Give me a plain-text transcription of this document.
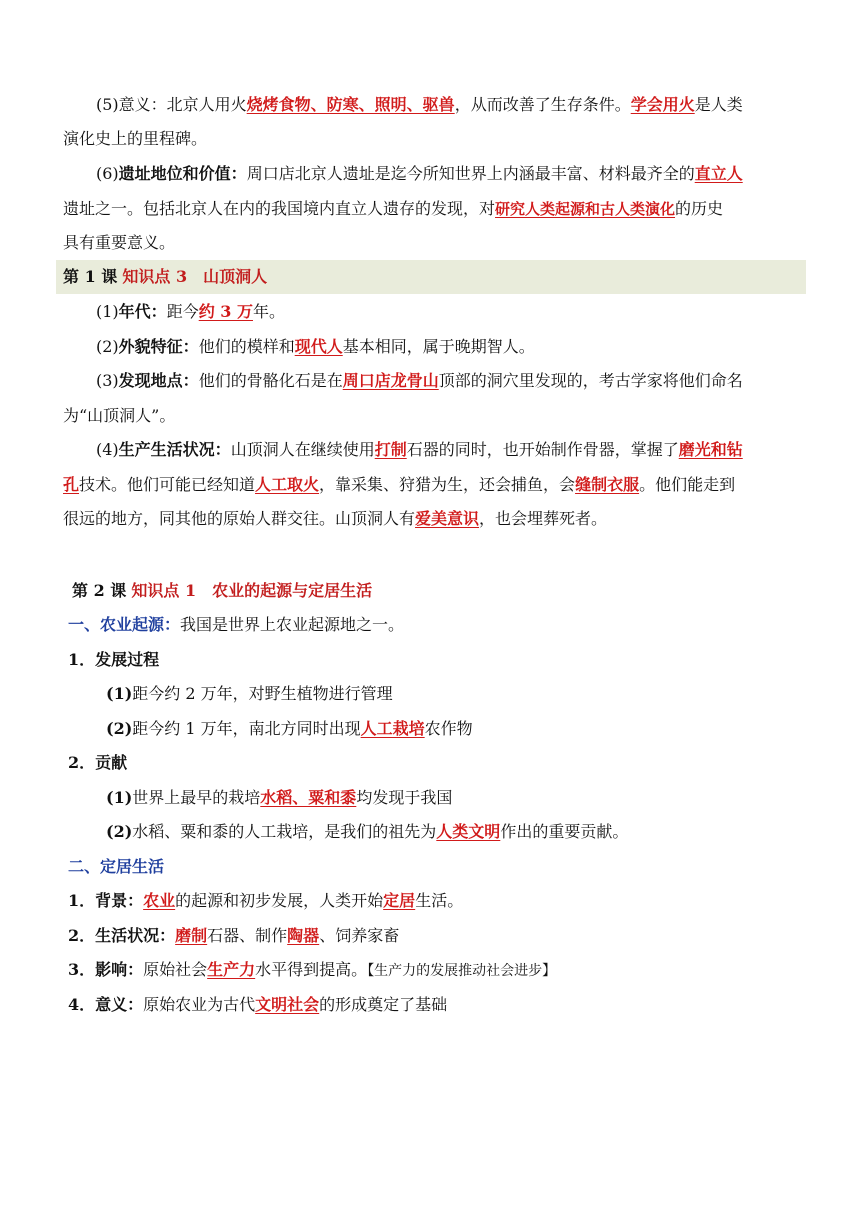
(5)意义：北京人用火烧烤食物、防寒、照明、驱兽，从而改善了生存条件。学会用火是人类
演化史上的里程碑。
(6)遗址地位和价值：周口店北京人遗址是迄今所知世界上内涵最丰富、材料最齐全的直立人
遗址之一。包括北京人在内的我国境内直立人遗存的发现，对研究人类起源和古人类演化的历史
具有重要意义。
第 1 课 知识点 3　山顶洞人
(1)年代：距今约 3 万年。
(2)外貌特征：他们的模样和现代人基本相同，属于晚期智人。
(3)发现地点：他们的骨骼化石是在周口店龙骨山顶部的洞穴里发现的，考古学家将他们命名
为“山顶洞人”。
(4)生产生活状况：山顶洞人在继续使用打制石器的同时，也开始制作骨器，掌握了磨光和钻
孔技术。他们可能已经知道人工取火，靠采集、狩猎为生，还会捕鱼，会缝制衣服。他们能走到
很远的地方，同其他的原始人群交往。山顶洞人有爱美意识，也会埋葬死者。
第 2 课 知识点 1　农业的起源与定居生活
一、农业起源：我国是世界上农业起源地之一。
1．发展过程
(1)距今约 2 万年，对野生植物进行管理
(2)距今约 1 万年，南北方同时出现人工栽培农作物
2．贡献
(1)世界上最早的栽培水稻、粟和黍均发现于我国
(2)水稻、粟和黍的人工栽培，是我们的祖先为人类文明作出的重要贡献。
二、定居生活
1．背景：农业的起源和初步发展，人类开始定居生活。
2．生活状况：磨制石器、制作陶器、饲养家畜
3．影响：原始社会生产力水平得到提高。【生产力的发展推动社会进步】
4．意义：原始农业为古代文明社会的形成奠定了基础
